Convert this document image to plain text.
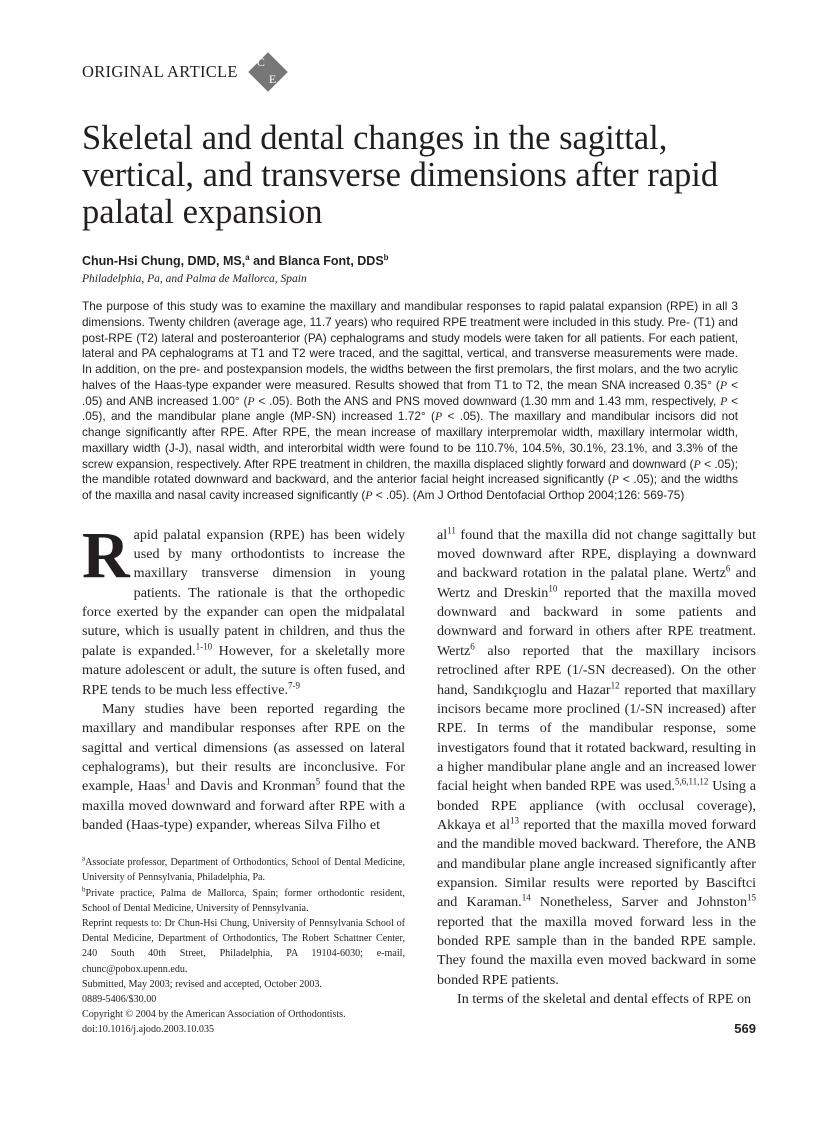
ORIGINAL ARTICLE C
E
Skeletal and dental changes in the sagittal, vertical, and transverse dimensions after rapid palatal expansion
Chun-Hsi Chung, DMD, MS,$^a$ and Blanca Font, DDS$^b$
Philadelphia, Pa, and Palma de Mallorca, Spain
The purpose of this study was to examine the maxillary and mandibular responses to rapid palatal expansion (RPE) in all 3 dimensions. Twenty children (average age, 11.7 years) who required RPE treatment were included in this study. Pre- (T1) and post-RPE (T2) lateral and posteroanterior (PA) cephalograms and study models were taken for all patients. For each patient, lateral and PA cephalograms at T1 and T2 were traced, and the sagittal, vertical, and transverse measurements were made. In addition, on the pre- and postexpansion models, the widths between the first premolars, the first molars, and the two acrylic halves of the Haas-type expander were measured. Results showed that from T1 to T2, the mean SNA increased 0.35° (P < .05) and ANB increased 1.00° (P < .05). Both the ANS and PNS moved downward (1.30 mm and 1.43 mm, respectively, P < .05), and the mandibular plane angle (MP-SN) increased 1.72° (P < .05). The maxillary and mandibular incisors did not change significantly after RPE. After RPE, the mean increase of maxillary interpremolar width, maxillary intermolar width, maxillary width (J-J), nasal width, and interorbital width were found to be 110.7%, 104.5%, 30.1%, 23.1%, and 3.3% of the screw expansion, respectively. After RPE treatment in children, the maxilla displaced slightly forward and downward (P < .05); the mandible rotated downward and backward, and the anterior facial height increased significantly (P < .05); and the widths of the maxilla and nasal cavity increased significantly (P < .05). (Am J Orthod Dentofacial Orthop 2004;126: 569-75)
R apid palatal expansion (RPE) has been widely used by many orthodontists to increase the maxillary transverse dimension in young patients. The rationale is that the orthopedic force exerted by the expander can open the midpalatal suture, which is usually patent in children, and thus the palate is expanded.$^{1-10}$ However, for a skeletally more mature adolescent or adult, the suture is often fused, and RPE tends to be much less effective.$^{7-9}$

Many studies have been reported regarding the maxillary and mandibular responses after RPE on the sagittal and vertical dimensions (as assessed on lateral cephalograms), but their results are inconclusive. For example, Haas$^1$ and Davis and Kronman$^5$ found that the maxilla moved downward and forward after RPE with a banded (Haas-type) expander, whereas Silva Filho et

$^a$Associate professor, Department of Orthodontics, School of Dental Medicine, University of Pennsylvania, Philadelphia, Pa.

$^b$Private practice, Palma de Mallorca, Spain; former orthodontic resident, School of Dental Medicine, University of Pennsylvania.

Reprint requests to: Dr Chun-Hsi Chung, University of Pennsylvania School of Dental Medicine, Department of Orthodontics, The Robert Schattner Center, 240 South 40th Street, Philadelphia, PA 19104-6030; e-mail, chunc@pobox.upenn.edu.

Submitted, May 2003; revised and accepted, October 2003.

0889-5406/$30.00

Copyright © 2004 by the American Association of Orthodontists.

doi:10.1016/j.ajodo.2003.10.035

$al^{11}$ found that the maxilla did not change sagittally but moved downward after RPE, displaying a downward and backward rotation in the palatal plane. Wertz$^6$ and Wertz and Dreskin$^{10}$ reported that the maxilla moved downward and backward in some patients and downward and forward in others after RPE treatment. Wertz$^6$ also reported that the maxillary incisors retroclined after RPE (1/-SN decreased). On the other hand, Sandıkçıoglu and Hazar$^{12}$ reported that maxillary incisors became more proclined (1/-SN increased) after RPE. In terms of the mandibular response, some investigators found that it rotated backward, resulting in a higher mandibular plane angle and an increased lower facial height when banded RPE was used.$^{5,6,11,12}$ Using a bonded RPE appliance (with occlusal coverage), Akkaya et $al^{13}$ reported that the maxilla moved forward and the mandible moved backward. Therefore, the ANB and mandibular plane angle increased significantly after expansion. Similar results were reported by Basciftci and Karaman.$^{14}$ Nonetheless, Sarver and Johnston$^{15}$ reported that the maxilla moved forward less in the bonded RPE sample than in the banded RPE sample. They found the maxilla even moved backward in some bonded RPE patients.

In terms of the skeletal and dental effects of RPE on

569
